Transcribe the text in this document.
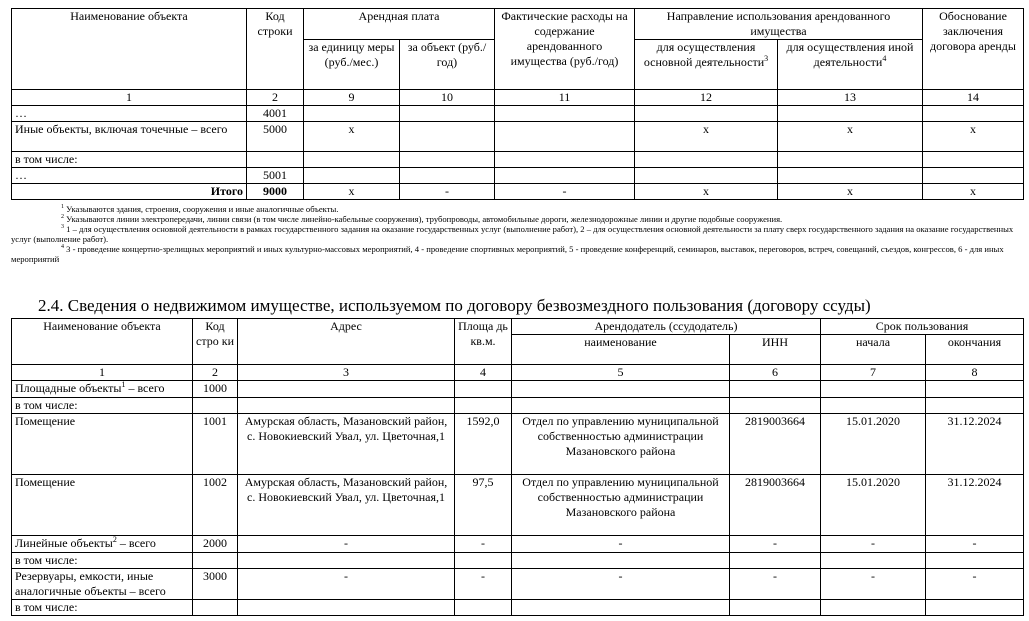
Наименование объекта	Код строки	Арендная плата		Фактические расходы на содержание арендованного имущества (руб./год)	Направление использования арендованного имущества		Обоснование заключения договора аренды
		за единицу меры (руб./мес.)	за объект (руб./год)		для осуществления основной деятельности$^3$	для осуществления иной деятельности$^4$
1	2	9	10	11	12	13	14
…	4001						
Иные объекты, включая точечные – всего	5000	x			x	x	x
в том числе:							
…	5001						
Итого	9000	x	-	-	x	x	x

$^1$ Указываются здания, строения, сооружения и иные аналогичные объекты.

$^2$ Указываются линии электропередачи, линии связи (в том числе линейно-кабельные сооружения), трубопроводы, автомобильные дороги, железнодорожные линии и другие подобные сооружения.

$^3$ 1 – для осуществления основной деятельности в рамках государственного задания на оказание государственных услуг (выполнение работ), 2 – для осуществления основной деятельности за плату сверх государственного задания на оказание государственных услуг (выполнение работ).

$^4$ 3 - проведение концертно-зрелищных мероприятий и иных культурно-массовых мероприятий, 4 - проведение спортивных мероприятий, 5 - проведение конференций, семинаров, выставок, переговоров, встреч, совещаний, съездов, конгрессов, 6 - для иных мероприятий

2.4. Сведения о недвижимом имуществе, используемом по договору безвозмездного пользования (договору ссуды)
Наименование объекта	Код стро ки	Адрес	Площа дь кв.м.	Арендодатель (ссудодатель)		Срок пользования	
				наименование	ИНН	начала	окончания
1	2	3	4	5	6	7	8
Площадные объекты$^1$ – всего	1000						
в том числе:							
Помещение	1001	Амурская область, Мазановский район, с. Новокиевский Увал, ул. Цветочная,1	1592,0	Отдел по управлению муниципальной собственностью администрации Мазановского района	2819003664	15.01.2020	31.12.2024
Помещение	1002	Амурская область, Мазановский район, с. Новокиевский Увал, ул. Цветочная,1	97,5	Отдел по управлению муниципальной собственностью администрации Мазановского района	2819003664	15.01.2020	31.12.2024
Линейные объекты$^2$ – всего	2000	-	-	-	-	-	-
в том числе:							
Резервуары, емкости, иные аналогичные объекты – всего	3000	-	-	-	-	-	-
в том числе:							
